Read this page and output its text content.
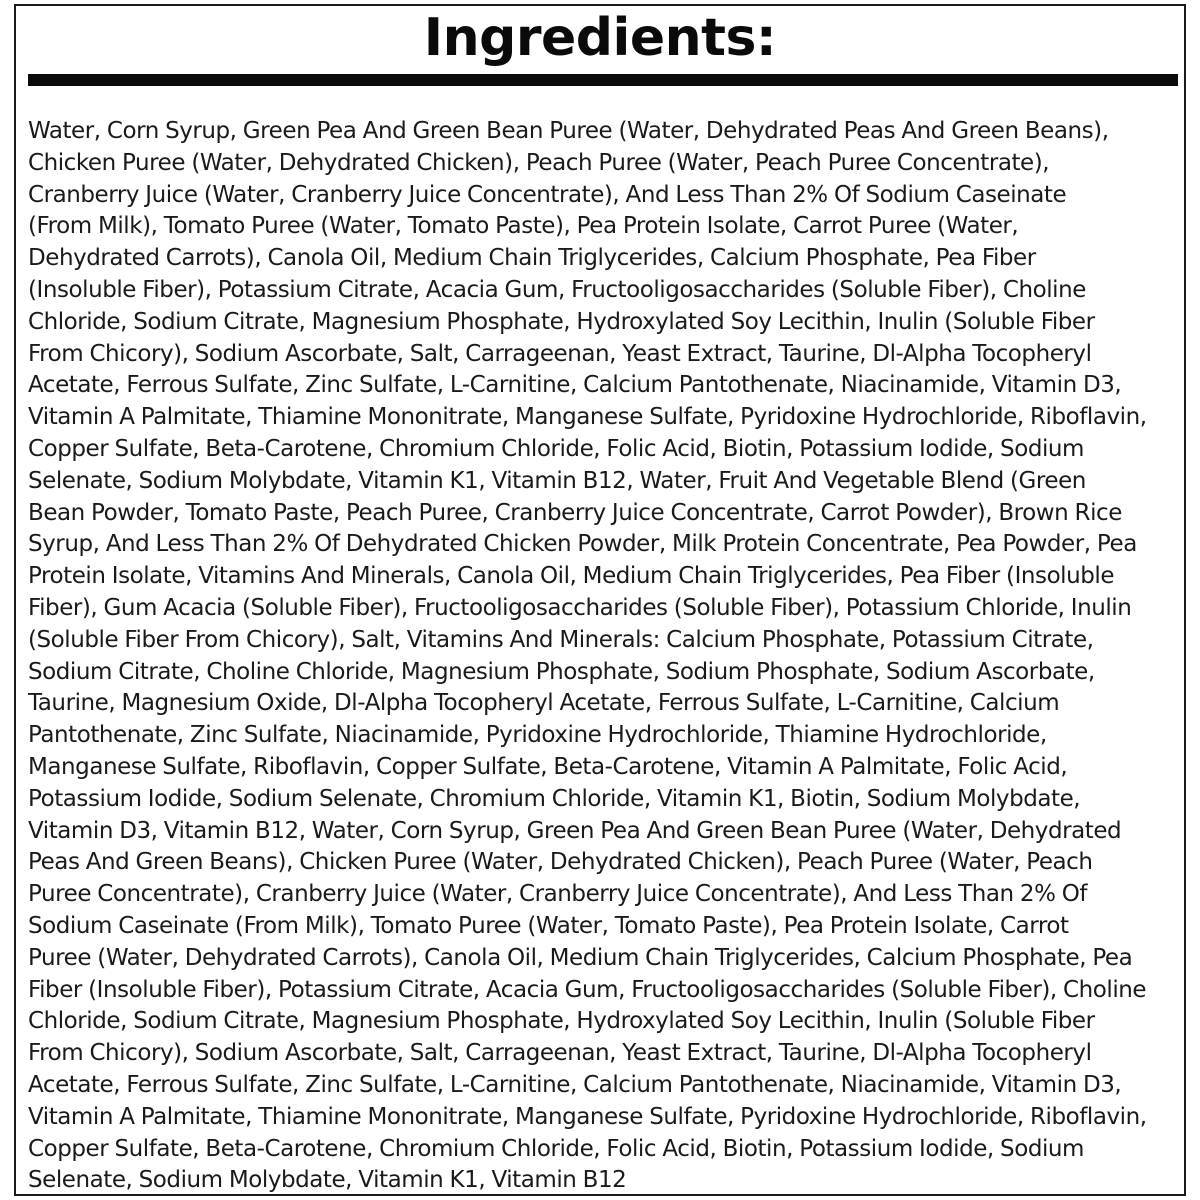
Ingredients:

Water, Corn Syrup, Green Pea And Green Bean Puree (Water, Dehydrated Peas And Green Beans),
Chicken Puree (Water, Dehydrated Chicken), Peach Puree (Water, Peach Puree Concentrate),
Cranberry Juice (Water, Cranberry Juice Concentrate), And Less Than 2% Of Sodium Caseinate
(From Milk), Tomato Puree (Water, Tomato Paste), Pea Protein Isolate, Carrot Puree (Water,
Dehydrated Carrots), Canola Oil, Medium Chain Triglycerides, Calcium Phosphate, Pea Fiber
(Insoluble Fiber), Potassium Citrate, Acacia Gum, Fructooligosaccharides (Soluble Fiber), Choline
Chloride, Sodium Citrate, Magnesium Phosphate, Hydroxylated Soy Lecithin, Inulin (Soluble Fiber
From Chicory), Sodium Ascorbate, Salt, Carrageenan, Yeast Extract, Taurine, Dl-Alpha Tocopheryl
Acetate, Ferrous Sulfate, Zinc Sulfate, L-Carnitine, Calcium Pantothenate, Niacinamide, Vitamin D3,
Vitamin A Palmitate, Thiamine Mononitrate, Manganese Sulfate, Pyridoxine Hydrochloride, Riboflavin,
Copper Sulfate, Beta-Carotene, Chromium Chloride, Folic Acid, Biotin, Potassium Iodide, Sodium
Selenate, Sodium Molybdate, Vitamin K1, Vitamin B12, Water, Fruit And Vegetable Blend (Green
Bean Powder, Tomato Paste, Peach Puree, Cranberry Juice Concentrate, Carrot Powder), Brown Rice
Syrup, And Less Than 2% Of Dehydrated Chicken Powder, Milk Protein Concentrate, Pea Powder, Pea
Protein Isolate, Vitamins And Minerals, Canola Oil, Medium Chain Triglycerides, Pea Fiber (Insoluble
Fiber), Gum Acacia (Soluble Fiber), Fructooligosaccharides (Soluble Fiber), Potassium Chloride, Inulin
(Soluble Fiber From Chicory), Salt, Vitamins And Minerals: Calcium Phosphate, Potassium Citrate,
Sodium Citrate, Choline Chloride, Magnesium Phosphate, Sodium Phosphate, Sodium Ascorbate,
Taurine, Magnesium Oxide, Dl-Alpha Tocopheryl Acetate, Ferrous Sulfate, L-Carnitine, Calcium
Pantothenate, Zinc Sulfate, Niacinamide, Pyridoxine Hydrochloride, Thiamine Hydrochloride,
Manganese Sulfate, Riboflavin, Copper Sulfate, Beta-Carotene, Vitamin A Palmitate, Folic Acid,
Potassium Iodide, Sodium Selenate, Chromium Chloride, Vitamin K1, Biotin, Sodium Molybdate,
Vitamin D3, Vitamin B12, Water, Corn Syrup, Green Pea And Green Bean Puree (Water, Dehydrated
Peas And Green Beans), Chicken Puree (Water, Dehydrated Chicken), Peach Puree (Water, Peach
Puree Concentrate), Cranberry Juice (Water, Cranberry Juice Concentrate), And Less Than 2% Of
Sodium Caseinate (From Milk), Tomato Puree (Water, Tomato Paste), Pea Protein Isolate, Carrot
Puree (Water, Dehydrated Carrots), Canola Oil, Medium Chain Triglycerides, Calcium Phosphate, Pea
Fiber (Insoluble Fiber), Potassium Citrate, Acacia Gum, Fructooligosaccharides (Soluble Fiber), Choline
Chloride, Sodium Citrate, Magnesium Phosphate, Hydroxylated Soy Lecithin, Inulin (Soluble Fiber
From Chicory), Sodium Ascorbate, Salt, Carrageenan, Yeast Extract, Taurine, Dl-Alpha Tocopheryl
Acetate, Ferrous Sulfate, Zinc Sulfate, L-Carnitine, Calcium Pantothenate, Niacinamide, Vitamin D3,
Vitamin A Palmitate, Thiamine Mononitrate, Manganese Sulfate, Pyridoxine Hydrochloride, Riboflavin,
Copper Sulfate, Beta-Carotene, Chromium Chloride, Folic Acid, Biotin, Potassium Iodide, Sodium
Selenate, Sodium Molybdate, Vitamin K1, Vitamin B12
